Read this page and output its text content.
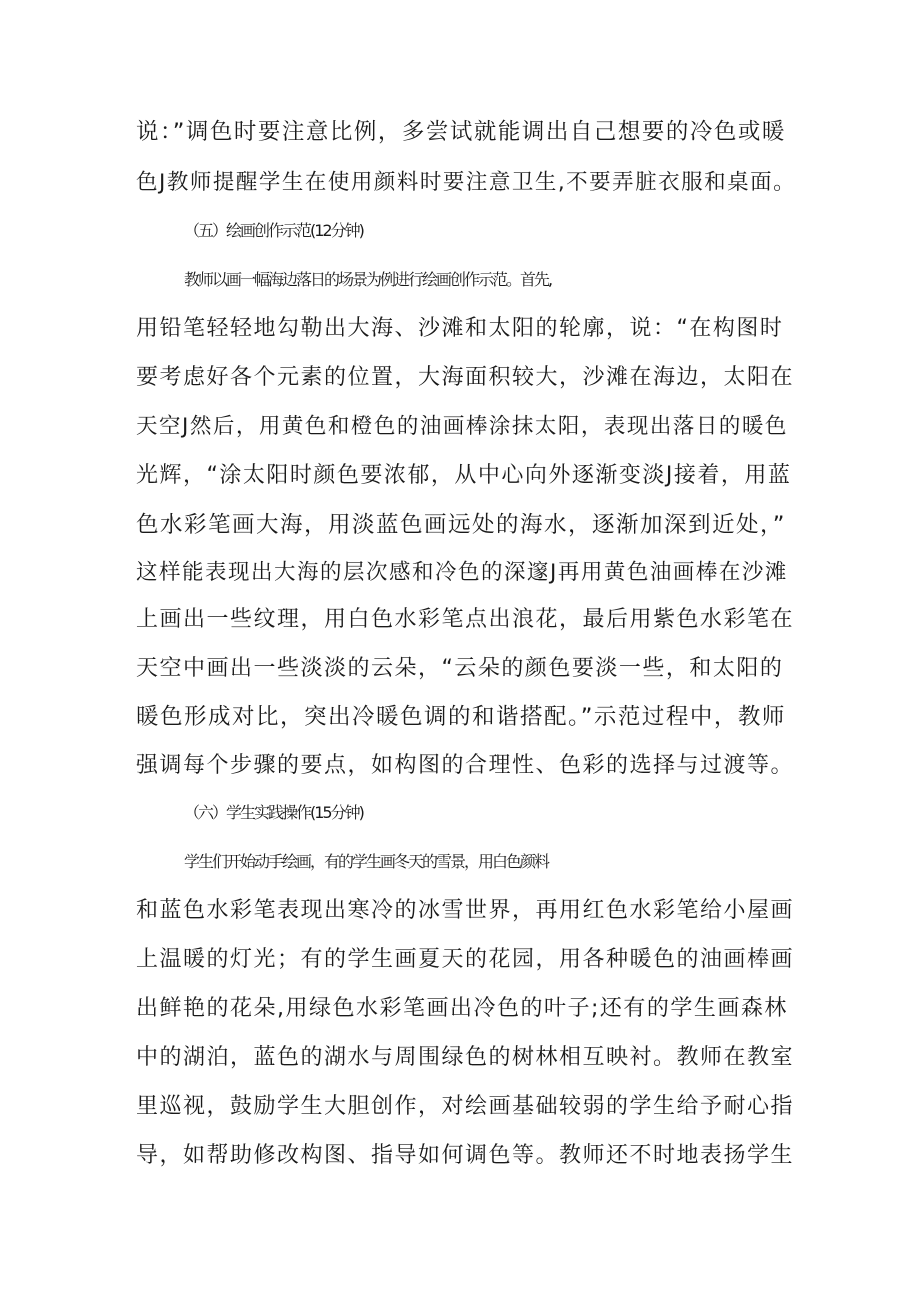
说：”调色时要注意比例，多尝试就能调出自己想要的冷色或暖
色J教师提醒学生在使用颜料时要注意卫生,不要弄脏衣服和桌面。
（五）绘画创作示范(12分钟)
教师以画一幅海边落日的场景为例进行绘画创作示范。首先,
用铅笔轻轻地勾勒出大海、沙滩和太阳的轮廓，说：“在构图时
要考虑好各个元素的位置，大海面积较大，沙滩在海边，太阳在
天空J然后，用黄色和橙色的油画棒涂抹太阳，表现出落日的暖色
光辉，“涂太阳时颜色要浓郁，从中心向外逐渐变淡J接着，用蓝
色水彩笔画大海，用淡蓝色画远处的海水，逐渐加深到近处，”
这样能表现出大海的层次感和冷色的深邃J再用黄色油画棒在沙滩
上画出一些纹理，用白色水彩笔点出浪花，最后用紫色水彩笔在
天空中画出一些淡淡的云朵，“云朵的颜色要淡一些，和太阳的
暖色形成对比，突出冷暖色调的和谐搭配。”示范过程中，教师
强调每个步骤的要点，如构图的合理性、色彩的选择与过渡等。
（六）学生实践操作(15分钟)
学生们开始动手绘画，有的学生画冬天的雪景，用白色颜料
和蓝色水彩笔表现出寒冷的冰雪世界，再用红色水彩笔给小屋画
上温暖的灯光；有的学生画夏天的花园，用各种暖色的油画棒画
出鲜艳的花朵,用绿色水彩笔画出冷色的叶子;还有的学生画森林
中的湖泊，蓝色的湖水与周围绿色的树林相互映衬。教师在教室
里巡视，鼓励学生大胆创作，对绘画基础较弱的学生给予耐心指
导，如帮助修改构图、指导如何调色等。教师还不时地表扬学生
